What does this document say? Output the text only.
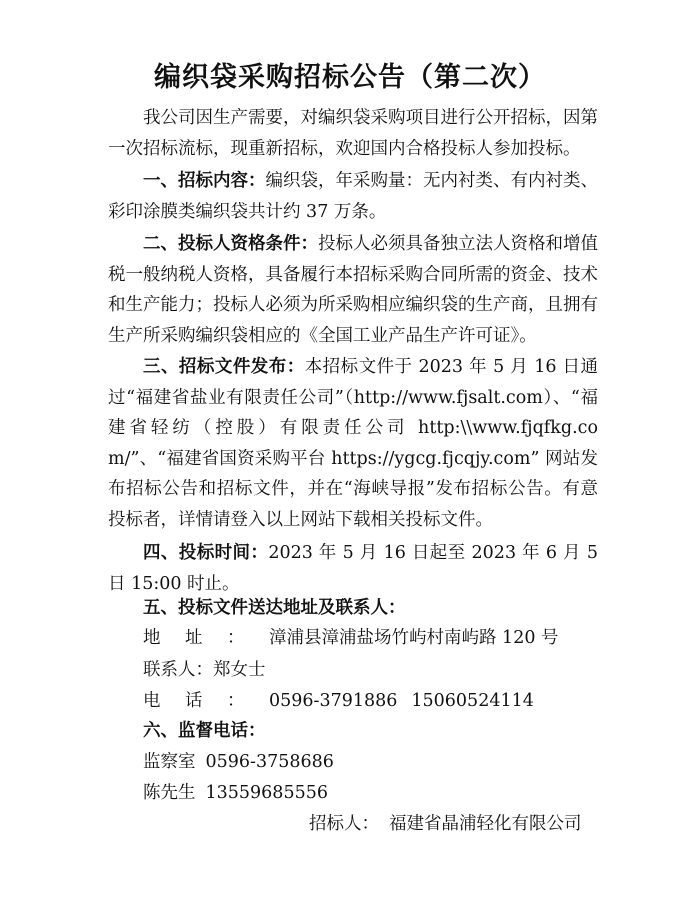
编织袋采购招标公告（第二次）

我公司因生产需要，对编织袋采购项目进行公开招标，因第一次招标流标，现重新招标，欢迎国内合格投标人参加投标。

一、招标内容：编织袋，年采购量：无内衬类、有内衬类、彩印涂膜类编织袋共计约 37 万条。

二、投标人资格条件：投标人必须具备独立法人资格和增值税一般纳税人资格，具备履行本招标采购合同所需的资金、技术和生产能力；投标人必须为所采购相应编织袋的生产商，且拥有生产所采购编织袋相应的《全国工业产品生产许可证》。

三、招标文件发布：本招标文件于 2023 年 5 月 16 日通过“福建省盐业有限责任公司”（http://www.fjsalt.com）、“福建省轻纺（控股）有限责任公司 http:\\www.fjqfkg.com/”、“福建省国资采购平台 https://ygcg.fjcqjy.com” 网站发布招标公告和招标文件，并在“海峡导报”发布招标公告。有意投标者，详情请登入以上网站下载相关投标文件。

四、投标时间：2023 年 5 月 16 日起至 2023 年 6 月 5 日 15:00 时止。

五、投标文件送达地址及联系人：
地址：漳浦县漳浦盐场竹屿村南屿路 120 号
联系人：郑女士
电话：0596-3791886 15060524114
六、监督电话：
监察室 0596-3758686
陈先生 13559685556
招标人： 福建省晶浦轻化有限公司
